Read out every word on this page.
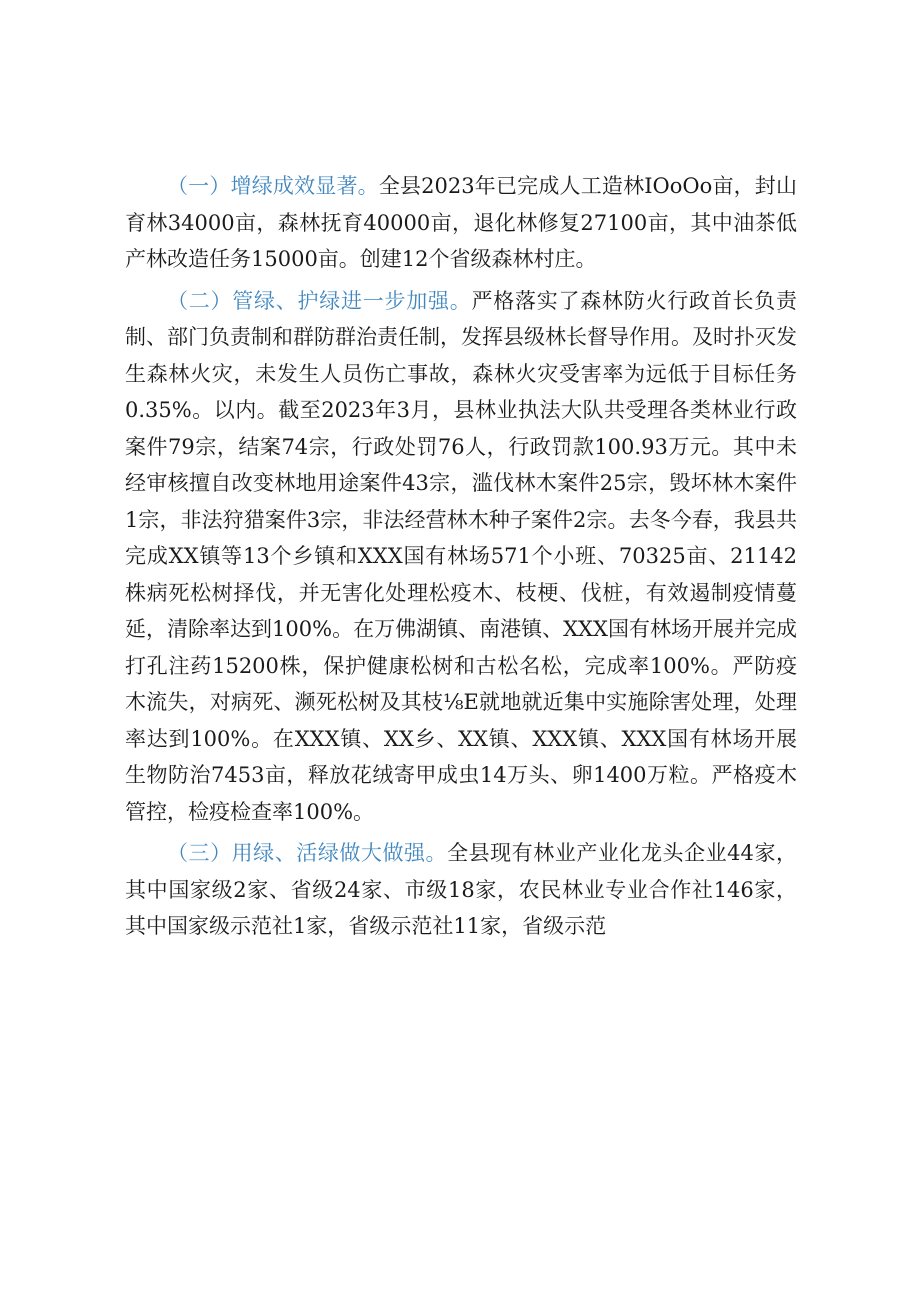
（一）增绿成效显著。全县2023年已完成人工造林IOoOo亩，封山育林34000亩，森林抚育40000亩，退化林修复27100亩，其中油茶低产林改造任务15000亩。创建12个省级森林村庄。

（二）管绿、护绿进一步加强。严格落实了森林防火行政首长负责制、部门负责制和群防群治责任制，发挥县级林长督导作用。及时扑灭发生森林火灾，未发生人员伤亡事故，森林火灾受害率为远低于目标任务0.35%。以内。截至2023年3月，县林业执法大队共受理各类林业行政案件79宗，结案74宗，行政处罚76人，行政罚款100.93万元。其中未经审核擅自改变林地用途案件43宗，滥伐林木案件25宗，毁坏林木案件1宗，非法狩猎案件3宗，非法经营林木种子案件2宗。去冬今春，我县共完成XX镇等13个乡镇和XXX国有林场571个小班、70325亩、21142株病死松树择伐，并无害化处理松疫木、枝梗、伐桩，有效遏制疫情蔓延，清除率达到100%。在万佛湖镇、南港镇、XXX国有林场开展并完成打孔注药15200株，保护健康松树和古松名松，完成率100%。严防疫木流失，对病死、濒死松树及其枝⅛E就地就近集中实施除害处理，处理率达到100%。在XXX镇、XX乡、XX镇、XXX镇、XXX国有林场开展生物防治7453亩，释放花绒寄甲成虫14万头、卵1400万粒。严格疫木管控，检疫检查率100%。

（三）用绿、活绿做大做强。全县现有林业产业化龙头企业44家，其中国家级2家、省级24家、市级18家，农民林业专业合作社146家，其中国家级示范社1家，省级示范社11家，省级示范
